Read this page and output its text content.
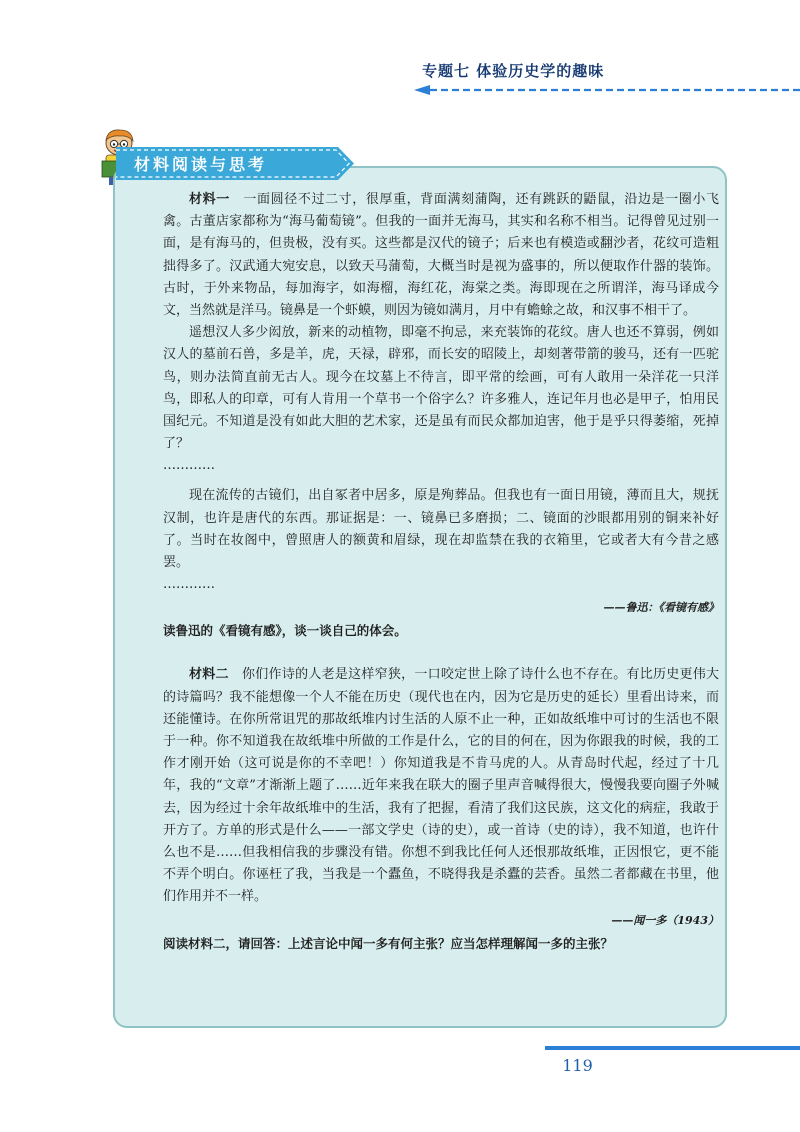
专题七 体验历史学的趣味
材料阅读与思考

材料一　 一面圆径不过二寸，很厚重，背面满刻蒲陶，还有跳跃的鼯鼠，沿边是一圈小飞禽。古董店家都称为“海马葡萄镜”。但我的一面并无海马，其实和名称不相当。记得曾见过别一面，是有海马的，但贵极，没有买。这些都是汉代的镜子；后来也有模造或翻沙者，花纹可造粗拙得多了。汉武通大宛安息，以致天马蒲萄，大概当时是视为盛事的，所以便取作什器的装饰。古时，于外来物品，每加海字，如海榴，海红花，海棠之类。海即现在之所谓洋，海马译成今文，当然就是洋马。镜鼻是一个虾蟆，则因为镜如满月，月中有蟾蜍之故，和汉事不相干了。

遥想汉人多少闳放，新来的动植物，即毫不拘忌，来充装饰的花纹。唐人也还不算弱，例如汉人的墓前石兽，多是羊，虎，天禄，辟邪，而长安的昭陵上，却刻著带箭的骏马，还有一匹驼鸟，则办法简直前无古人。现今在坟墓上不待言，即平常的绘画，可有人敢用一朵洋花一只洋鸟，即私人的印章，可有人肯用一个草书一个俗字么？许多雅人，连记年月也必是甲子，怕用民国纪元。不知道是没有如此大胆的艺术家，还是虽有而民众都加迫害，他于是乎只得萎缩，死掉了？

…………

现在流传的古镜们，出自冢者中居多，原是殉葬品。但我也有一面日用镜，薄而且大，规抚汉制，也许是唐代的东西。那证据是：一、镜鼻已多磨损；二、镜面的沙眼都用别的铜来补好了。当时在妆阁中，曾照唐人的额黄和眉绿，现在却监禁在我的衣箱里，它或者大有今昔之感罢。

…………

——鲁迅：《看镜有感》

读鲁迅的《看镜有感》，谈一谈自己的体会。

材料二　 你们作诗的人老是这样窄狭，一口咬定世上除了诗什么也不存在。有比历史更伟大的诗篇吗？我不能想像一个人不能在历史（现代也在内，因为它是历史的延长）里看出诗来，而还能懂诗。在你所常诅咒的那故纸堆内讨生活的人原不止一种，正如故纸堆中可讨的生活也不限于一种。你不知道我在故纸堆中所做的工作是什么，它的目的何在，因为你跟我的时候，我的工作才刚开始（这可说是你的不幸吧！）你知道我是不肯马虎的人。从青岛时代起，经过了十几年，我的“文章”才渐渐上题了……近年来我在联大的圈子里声音喊得很大，慢慢我要向圈子外喊去，因为经过十余年故纸堆中的生活，我有了把握，看清了我们这民族，这文化的病症，我敢于开方了。方单的形式是什么——一部文学史（诗的史），或一首诗（史的诗），我不知道，也许什么也不是……但我相信我的步骤没有错。你想不到我比任何人还恨那故纸堆，正因恨它，更不能不弄个明白。你诬枉了我，当我是一个蠹鱼，不晓得我是杀蠹的芸香。虽然二者都藏在书里，他们作用并不一样。

——闻一多（1943）

阅读材料二，请回答：上述言论中闻一多有何主张？应当怎样理解闻一多的主张？

119
